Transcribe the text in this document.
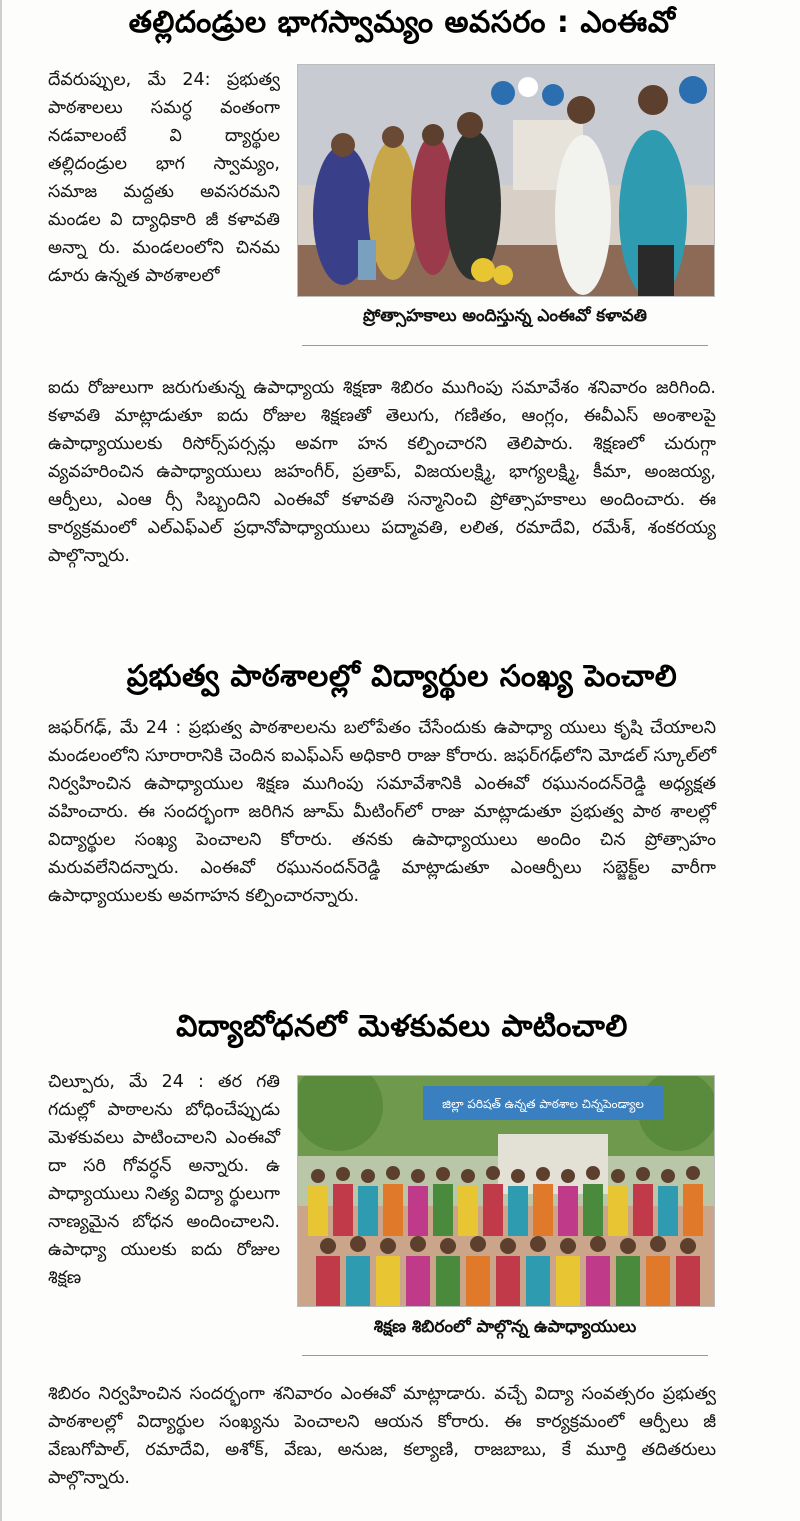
తల్లిదండ్రుల భాగస్వామ్యం అవసరం : ఎంఈవో

దేవరుప్పుల, మే 24: ప్రభుత్వ పాఠశాలలు సమర్ధ వంతంగా నడవాలంటే వి ద్యార్థుల తల్లిదండ్రుల భాగ స్వామ్యం, సమాజ మద్దతు అవసరమని మండల వి ద్యాధికారి జీ కళావతి అన్నా రు. మండలంలోని చినమ డూరు ఉన్నత పాఠశాలలో

ప్రోత్సాహకాలు అందిస్తున్న ఎంఈవో కళావతి

ఐదు రోజులుగా జరుగుతున్న ఉపాధ్యాయ శిక్షణా శిబిరం ముగింపు సమావేశం శనివారం జరిగింది. కళావతి మాట్లాడుతూ ఐదు రోజుల శిక్షణతో తెలుగు, గణితం, ఆంగ్లం, ఈవీఎస్ అంశాలపై ఉపాధ్యాయులకు రిసోర్స్‌పర్సన్లు అవగా హన కల్పించారని తెలిపారు. శిక్షణలో చురుగ్గా వ్యవహరించిన ఉపాధ్యాయులు జహంగీర్, ప్రతాప్, విజయలక్ష్మి, భాగ్యలక్ష్మి, కీమా, అంజయ్య, ఆర్పీలు, ఎంఆ ర్సీ సిబ్బందిని ఎంఈవో కళావతి సన్మానించి ప్రోత్సాహకాలు అందించారు. ఈ కార్యక్రమంలో ఎల్ఎఫ్ఎల్ ప్రధానోపాధ్యాయులు పద్మావతి, లలిత, రమాదేవి, రమేశ్, శంకరయ్య పాల్గొన్నారు.

ప్రభుత్వ పాఠశాలల్లో విద్యార్థుల సంఖ్య పెంచాలి

జఫర్‌గఢ్, మే 24 : ప్రభుత్వ పాఠశాలలను బలోపేతం చేసేందుకు ఉపాధ్యా యులు కృషి చేయాలని మండలంలోని సూరారానికి చెందిన ఐఎఫ్ఎస్ అధికారి రాజు కోరారు. జఫర్‌గఢ్‌లోని మోడల్ స్కూల్‌లో నిర్వహించిన ఉపాధ్యాయుల శిక్షణ ముగింపు సమావేశానికి ఎంఈవో రఘునందన్‌రెడ్డి అధ్యక్షత వహించారు. ఈ సందర్భంగా జరిగిన జూమ్ మీటింగ్‌లో రాజు మాట్లాడుతూ ప్రభుత్వ పాఠ శాలల్లో విద్యార్థుల సంఖ్య పెంచాలని కోరారు. తనకు ఉపాధ్యాయులు అందిం చిన ప్రోత్సాహం మరువలేనిదన్నారు. ఎంఈవో రఘునందన్‌రెడ్డి మాట్లాడుతూ ఎంఆర్పీలు సబ్జెక్ట్‌ల వారీగా ఉపాధ్యాయులకు అవగాహన కల్పించారన్నారు.

విద్యాబోధనలో మెళకువలు పాటించాలి

చిల్పూరు, మే 24 : తర గతి గదుల్లో పాఠాలను బోధించేప్పుడు మెళకువలు పాటించాలని ఎంఈవో దా సరి గోవర్ధన్ అన్నారు. ఉ పాధ్యాయులు నిత్య విద్యా ర్థులుగా నాణ్యమైన బోధన అందించాలని. ఉపాధ్యా యులకు ఐదు రోజుల శిక్షణ

జిల్లా పరిషత్ ఉన్నత పాఠశాల చిన్నపెండ్యాల
శిక్షణ శిబిరంలో పాల్గొన్న ఉపాధ్యాయులు

శిబిరం నిర్వహించిన సందర్భంగా శనివారం ఎంఈవో మాట్లాడారు. వచ్చే విద్యా సంవత్సరం ప్రభుత్వ పాఠశాలల్లో విద్యార్థుల సంఖ్యను పెంచాలని ఆయన కోరారు. ఈ కార్యక్రమంలో ఆర్పీలు జీ వేణుగోపాల్, రమాదేవి, అశోక్, వేణు, అనుజ, కల్యాణి, రాజబాబు, కే మూర్తి తదితరులు పాల్గొన్నారు.
